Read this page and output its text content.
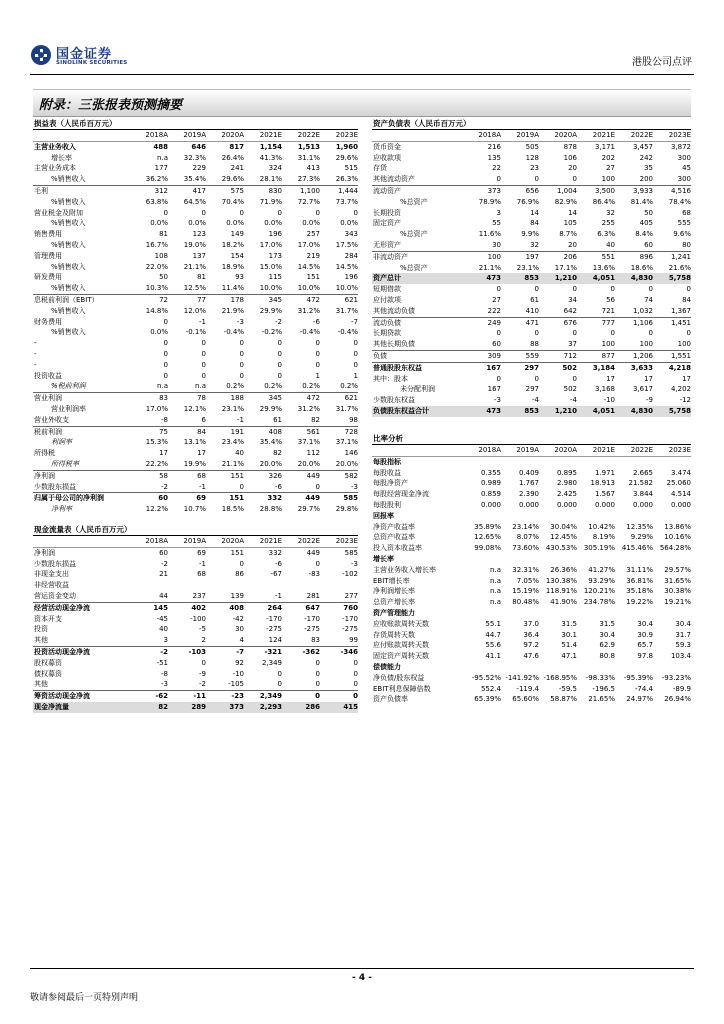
国金证券
SINOLINK SECURITIES	港股公司点评
附录：三张报表预测摘要
损益表（人民币百万元）
	2018A	2019A	2020A	2021E	2022E	2023E
主营业务收入	488	646	817	1,154	1,513	1,960
增长率	n.a	32.3%	26.4%	41.3%	31.1%	29.6%
主营业务成本	177	229	241	324	413	515
%销售收入	36.2%	35.4%	29.6%	28.1%	27.3%	26.3%
毛利	312	417	575	830	1,100	1,444
%销售收入	63.8%	64.5%	70.4%	71.9%	72.7%	73.7%
营业税金及附加	0	0	0	0	0	0
%销售收入	0.0%	0.0%	0.0%	0.0%	0.0%	0.0%
销售费用	81	123	149	196	257	343
%销售收入	16.7%	19.0%	18.2%	17.0%	17.0%	17.5%
管理费用	108	137	154	173	219	284
%销售收入	22.0%	21.1%	18.9%	15.0%	14.5%	14.5%
研发费用	50	81	93	115	151	196
%销售收入	10.3%	12.5%	11.4%	10.0%	10.0%	10.0%
息税前利润（EBIT）	72	77	178	345	472	621
%销售收入	14.8%	12.0%	21.9%	29.9%	31.2%	31.7%
财务费用	0	-1	-3	-2	-6	-7
%销售收入	0.0%	-0.1%	-0.4%	-0.2%	-0.4%	-0.4%
-	0	0	0	0	0	0
-	0	0	0	0	0	0
-	0	0	0	0	0	0
投资收益	0	0	0	0	1	1
%税前利润	n.a	n.a	0.2%	0.2%	0.2%	0.2%
营业利润	83	78	188	345	472	621
营业利润率	17.0%	12.1%	23.1%	29.9%	31.2%	31.7%
营业外收支	-8	6	-1	61	82	98
税前利润	75	84	191	408	561	728
利润率	15.3%	13.1%	23.4%	35.4%	37.1%	37.1%
所得税	17	17	40	82	112	146
所得税率	22.2%	19.9%	21.1%	20.0%	20.0%	20.0%
净利润	58	68	151	326	449	582
少数股东损益	-2	-1	0	-6	0	-3
归属于母公司的净利润	60	69	151	332	449	585
净利率	12.2%	10.7%	18.5%	28.8%	29.7%	29.8%
资产负债表（人民币百万元）
	2018A	2019A	2020A	2021E	2022E	2023E
货币资金	216	505	878	3,171	3,457	3,872
应收款项	135	128	106	202	242	300
存货	22	23	20	27	35	45
其他流动资产	0	0	0	100	200	300
流动资产	373	656	1,004	3,500	3,933	4,516
%总资产	78.9%	76.9%	82.9%	86.4%	81.4%	78.4%
长期投资	3	14	14	32	50	68
固定资产	55	84	105	255	405	555
%总资产	11.6%	9.9%	8.7%	6.3%	8.4%	9.6%
无形资产	30	32	20	40	60	80
非流动资产	100	197	206	551	896	1,241
%总资产	21.1%	23.1%	17.1%	13.6%	18.6%	21.6%
资产总计	473	853	1,210	4,051	4,830	5,758
短期借款	0	0	0	0	0	0
应付款项	27	61	34	56	74	84
其他流动负债	222	410	642	721	1,032	1,367
流动负债	249	471	676	777	1,106	1,451
长期贷款	0	0	0	0	0	0
其他长期负债	60	88	37	100	100	100
负债	309	559	712	877	1,206	1,551
普通股股东权益	167	297	502	3,184	3,633	4,218
其中：股本	0	0	0	17	17	17
未分配利润	167	297	502	3,168	3,617	4,202
少数股东权益	-3	-4	-4	-10	-9	-12
负债股东权益合计	473	853	1,210	4,051	4,830	5,758
比率分析
	2018A	2019A	2020A	2021E	2022E	2023E
每股指标						
每股收益	0.355	0.409	0.895	1.971	2.665	3.474
每股净资产	0.989	1.767	2.980	18.913	21.582	25.060
每股经营现金净流	0.859	2.390	2.425	1.567	3.844	4.514
每股股利	0.000	0.000	0.000	0.000	0.000	0.000
回报率						
净资产收益率	35.89%	23.14%	30.04%	10.42%	12.35%	13.86%
总资产收益率	12.65%	8.07%	12.45%	8.19%	9.29%	10.16%
投入资本收益率	99.08%	73.60%	430.53%	305.19%	415.46%	564.28%
增长率						
主营业务收入增长率	n.a	32.31%	26.36%	41.27%	31.11%	29.57%
EBIT增长率	n.a	7.05%	130.38%	93.29%	36.81%	31.65%
净利润增长率	n.a	15.19%	118.91%	120.21%	35.18%	30.38%
总资产增长率	n.a	80.48%	41.90%	234.78%	19.22%	19.21%
资产管理能力						
应收账款周转天数	55.1	37.0	31.5	31.5	30.4	30.4
存货周转天数	44.7	36.4	30.1	30.4	30.9	31.7
应付账款周转天数	55.6	97.2	51.4	62.9	65.7	59.3
固定资产周转天数	41.1	47.6	47.1	80.8	97.8	103.4
偿债能力						
净负债/股东权益	-95.52%	-141.92%	-168.95%	-98.33%	-95.39%	-93.23%
EBIT利息保障倍数	552.4	-119.4	-59.5	-196.5	-74.4	-89.9
资产负债率	65.39%	65.60%	58.87%	21.65%	24.97%	26.94%
现金流量表（人民币百万元）
	2018A	2019A	2020A	2021E	2022E	2023E
净利润	60	69	151	332	449	585
少数股东损益	-2	-1	0	-6	0	-3
非现金支出	21	68	86	-67	-83	-102
非经营收益						
营运资金变动	44	237	139	-1	281	277
经营活动现金净流	145	402	408	264	647	760
资本开支	-45	-100	-42	-170	-170	-170
投资	40	-5	30	-275	-275	-275
其他	3	2	4	124	83	99
投资活动现金净流	-2	-103	-7	-321	-362	-346
股权募资	-51	0	92	2,349	0	0
债权募资	-8	-9	-10	0	0	0
其他	-3	-2	-105	0	0	0
筹资活动现金净流	-62	-11	-23	2,349	0	0
现金净流量	82	289	373	2,293	286	415
- 4 -
敬请参阅最后一页特别声明
